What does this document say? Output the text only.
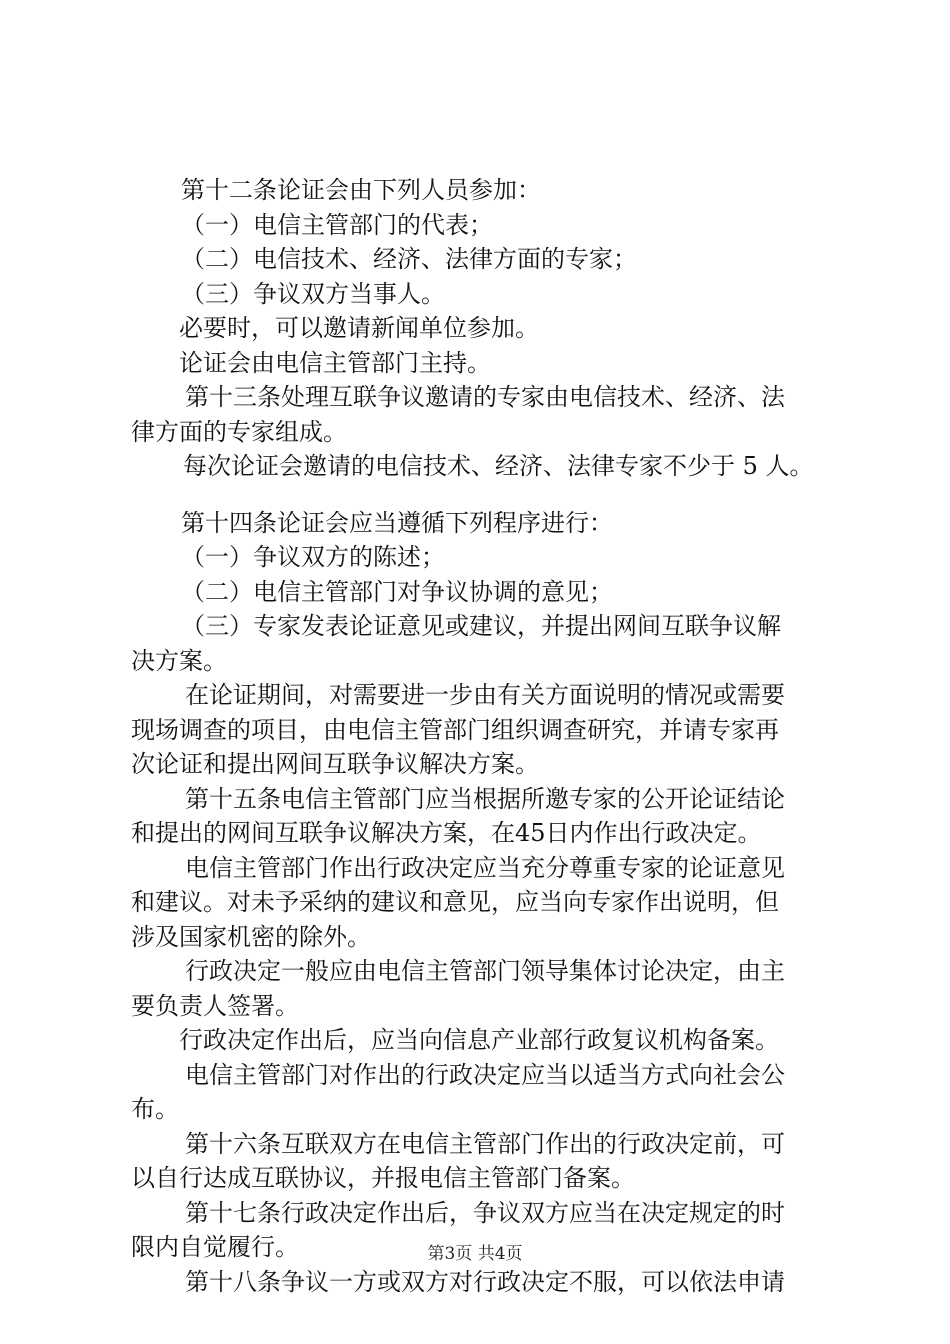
第十二条论证会由下列人员参加：

（一）电信主管部门的代表；

（二）电信技术、经济、法律方面的专家；

（三）争议双方当事人。

必要时，可以邀请新闻单位参加。

论证会由电信主管部门主持。

第十三条处理互联争议邀请的专家由电信技术、经济、法

律方面的专家组成。

每次论证会邀请的电信技术、经济、法律专家不少于 5 人。

第十四条论证会应当遵循下列程序进行：

（一）争议双方的陈述；

（二）电信主管部门对争议协调的意见；

（三）专家发表论证意见或建议，并提出网间互联争议解

决方案。

在论证期间，对需要进一步由有关方面说明的情况或需要

现场调查的项目，由电信主管部门组织调查研究，并请专家再

次论证和提出网间互联争议解决方案。

第十五条电信主管部门应当根据所邀专家的公开论证结论

和提出的网间互联争议解决方案，在45日内作出行政决定。

电信主管部门作出行政决定应当充分尊重专家的论证意见

和建议。对未予采纳的建议和意见，应当向专家作出说明，但

涉及国家机密的除外。

行政决定一般应由电信主管部门领导集体讨论决定，由主

要负责人签署。

行政决定作出后，应当向信息产业部行政复议机构备案。

电信主管部门对作出的行政决定应当以适当方式向社会公

布。

第十六条互联双方在电信主管部门作出的行政决定前，可

以自行达成互联协议，并报电信主管部门备案。

第十七条行政决定作出后，争议双方应当在决定规定的时

限内自觉履行。

第十八条争议一方或双方对行政决定不服，可以依法申请

第3页 共4页
